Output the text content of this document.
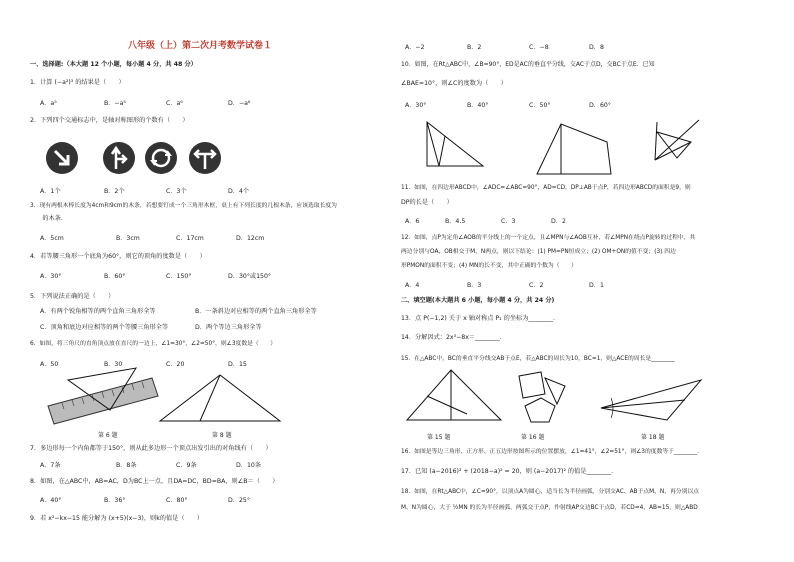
八年级（上）第二次月考数学试卷１
一、选择题:（本大题 12 个小题，每小题 4 分，共 48 分）
1．计算 (−a²)³ 的结果是（　　）
2．下列四个交通标志中，是轴对称图形的个数有（　　）
A．1个	B．2个	C．3个	D．4个
A．a⁵	B．−a⁵	C．a⁶	D．−a⁶
3．现有两根木棒长度为4cm和9cm的木条，若想要钉成一个三角形木框，桌上有下列长度的几根木条，应该选取长度为
　　的木条．
A．5cm	B．3cm	C．17cm	D．12cm
4．若等腰三角形一个底角为60°，则它的顶角的度数是（　　）
A．30°	B．60°	C．150°	D．30°或150°
5．下列说法正确的是（　　）
A．有两个锐角相等的两个直角三角形全等	B．一条斜边对应相等的两个直角三角形全等
C．顶角和底边对应相等的两个等腰三角形全等	D．两个等边三角形全等
6．如图，将三角尺的直角顶点放在直尺的一边上，∠1=30°，∠2=50°，则∠3度数是（　　）
A．50	B．30	C．20	D．15
第 6 题	第 8 题
7．多边形每一个内角都等于150°，则从此多边形一个顶点出发引出的对角线有（　　）
A．7条	B．8条	C．9条	D．10条
8．如图，在△ABC中，AB=AC，D为BC上一点，且DA=DC，BD=BA，则∠B＝（　　）
A．40°	B．36°	C．80°	D．25°
9．若 x²−kx−15 能分解为 (x+5)(x−3)，则k的值是（　　）
A．−2	B．2	C．−8	D．8
10．如图，在Rt△ABC中，∠B=90°，ED是AC的垂直平分线，交AC于点D，交BC于点E．已知
∠BAE=10°，则∠C的度数为（　　）
A．30°	B．40°	C．50°	D．60°
11．如图，在四边形ABCD中，∠ADC=∠ABC=90°，AD=CD，DP⊥AB于点P，若四边形ABCD的面积是9，则
DP的长是（　　）
A．6	B．4.5	C．3	D．2
12．如图，点P为定角∠AOB的平分线上的一个定点，且∠MPN与∠AOB互补，若∠MPN在绕点P旋转的过程中，其
两边分别与OA、OB相交于M、N两点，则以下结论：(1) PM=PN恒成立；(2) OM+ON的值不变；(3) 四边
形PMON的面积不变；(4) MN的长不变，其中正确的个数为（　　）
A．4	B．3	C．2	D．1
二、填空题(本大题共 6 小题，每小题 4 分，共 24 分)
13．点 P(−1,2) 关于 x 轴对称点 P₁ 的坐标为________．
14．分解因式：2x³−8x＝________．
15．在△ABC中，BC的垂直平分线交AB于点E，若△ABC的周长为10，BC=1，则△ACE的周长是________
第 15 题	第 16 题	第 18 题
16．如图是等边三角形、正方形、正五边形按图所示的位置摆放，∠1=41°，∠2=51°，则∠3的度数等于________．
17．已知 (a−2016)² + (2018−a)² = 20，则 (a−2017)² 的值是________．
18．如图，在Rt△ABC中，∠C=90°，以顶点A为圆心，适当长为半径画弧，分别交AC、AB于点M、N，再分别以点
M、N为圆心，大于 ½MN 的长为半径画弧，两弧交于点P，作射线AP交边BC于点D，若CD=4，AB=15，则△ABD
